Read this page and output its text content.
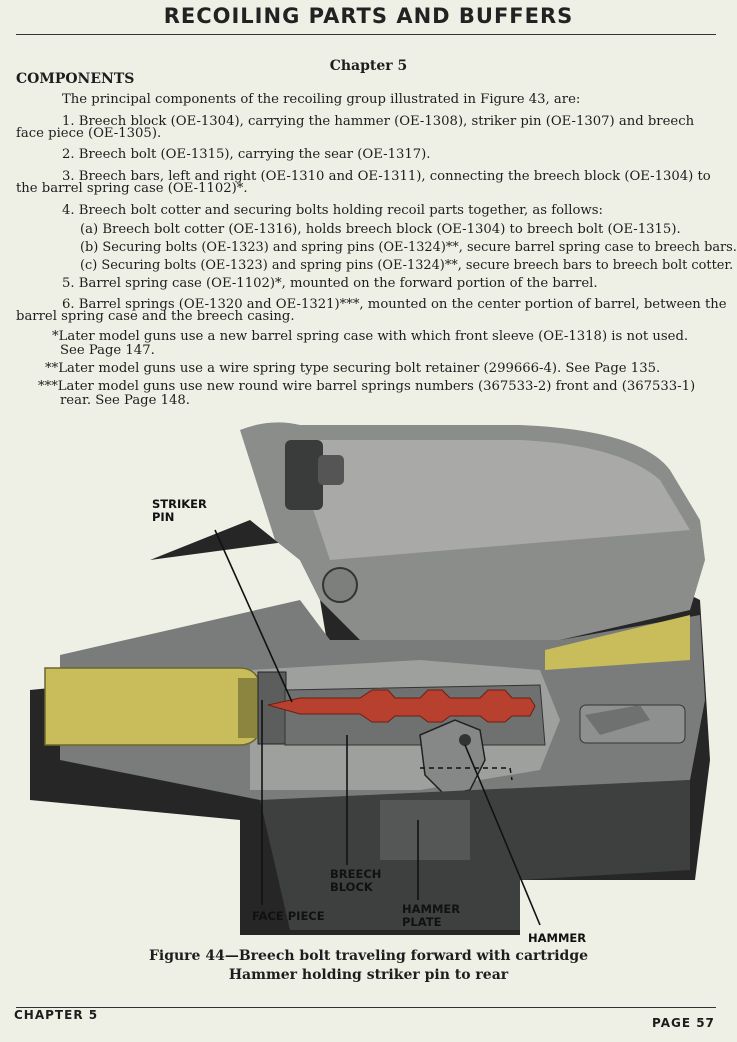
RECOILING PARTS AND BUFFERS
Chapter 5
COMPONENTS
The principal components of the recoiling group illustrated in Figure 43, are:
1. Breech block (OE-1304), carrying the hammer (OE-1308), striker pin (OE-1307) and breech
face piece (OE-1305).
2. Breech bolt (OE-1315), carrying the sear (OE-1317).
3. Breech bars, left and right (OE-1310 and OE-1311), connecting the breech block (OE-1304) to
the barrel spring case (OE-1102)*.
4. Breech bolt cotter and securing bolts holding recoil parts together, as follows:
(a) Breech bolt cotter (OE-1316), holds breech block (OE-1304) to breech bolt (OE-1315).
(b) Securing bolts (OE-1323) and spring pins (OE-1324)**, secure barrel spring case to breech bars.
(c) Securing bolts (OE-1323) and spring pins (OE-1324)**, secure breech bars to breech bolt cotter.
5. Barrel spring case (OE-1102)*, mounted on the forward portion of the barrel.
6. Barrel springs (OE-1320 and OE-1321)***, mounted on the center portion of barrel, between the
barrel spring case and the breech casing.
*Later model guns use a new barrel spring case with which front sleeve (OE-1318) is not used.
See Page 147.
**Later model guns use a wire spring type securing bolt retainer (299666-4). See Page 135.
***Later model guns use new round wire barrel springs numbers (367533-2) front and (367533-1)
rear. See Page 148.
STRIKER
PIN
BREECH
BLOCK
FACE PIECE	HAMMER
PLATE
HAMMER
Figure 44—Breech bolt traveling forward with cartridge
Hammer holding striker pin to rear
CHAPTER 5
PAGE 57
